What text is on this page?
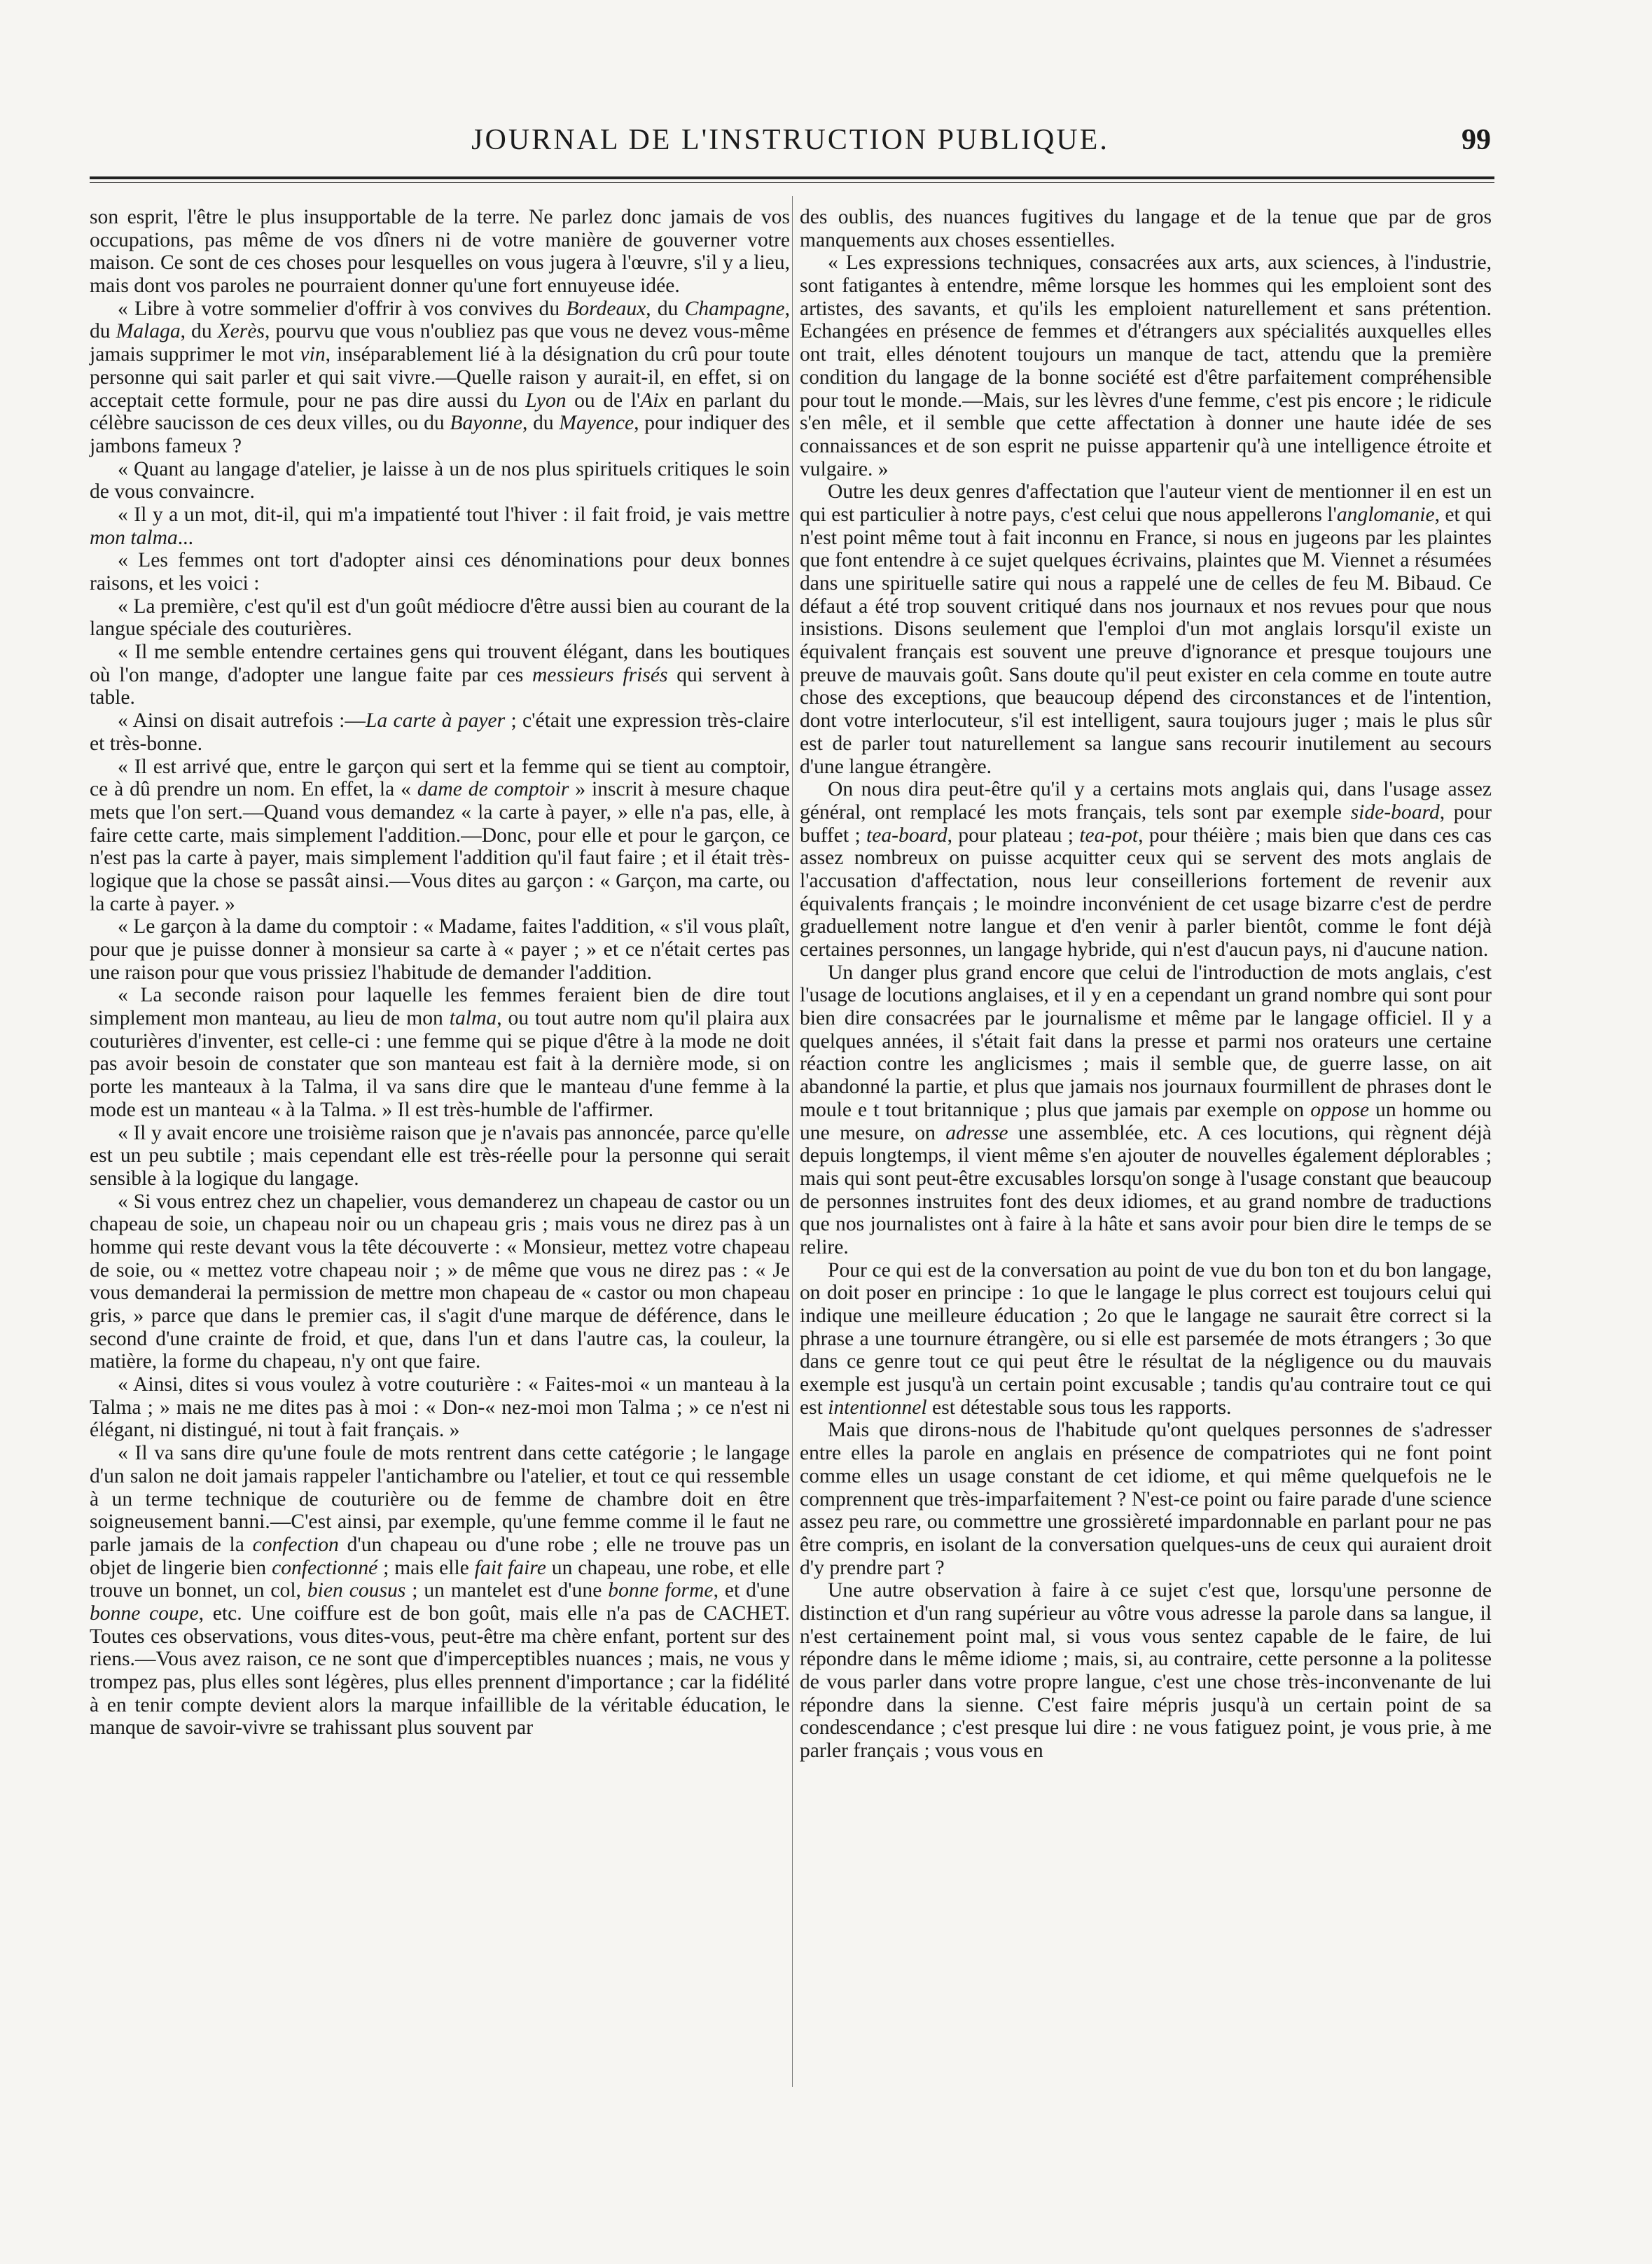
JOURNAL DE L'INSTRUCTION PUBLIQUE.	99

son esprit, l'être le plus insupportable de la terre. Ne parlez donc jamais de vos occupations, pas même de vos dîners ni de votre manière de gouverner votre maison. Ce sont de ces choses pour lesquelles on vous jugera à l'œuvre, s'il y a lieu, mais dont vos paroles ne pourraient donner qu'une fort ennuyeuse idée.

« Libre à votre sommelier d'offrir à vos convives du Bordeaux, du Champagne, du Malaga, du Xerès, pourvu que vous n'oubliez pas que vous ne devez vous-même jamais supprimer le mot vin, inséparablement lié à la désignation du crû pour toute personne qui sait parler et qui sait vivre.—Quelle raison y aurait-il, en effet, si on acceptait cette formule, pour ne pas dire aussi du Lyon ou de l'Aix en parlant du célèbre saucisson de ces deux villes, ou du Bayonne, du Mayence, pour indiquer des jambons fameux ?

« Quant au langage d'atelier, je laisse à un de nos plus spirituels critiques le soin de vous convaincre.

« Il y a un mot, dit-il, qui m'a impatienté tout l'hiver : il fait froid, je vais mettre mon talma...

« Les femmes ont tort d'adopter ainsi ces dénominations pour deux bonnes raisons, et les voici :

« La première, c'est qu'il est d'un goût médiocre d'être aussi bien au courant de la langue spéciale des couturières.

« Il me semble entendre certaines gens qui trouvent élégant, dans les boutiques où l'on mange, d'adopter une langue faite par ces messieurs frisés qui servent à table.

« Ainsi on disait autrefois :—La carte à payer ; c'était une expression très-claire et très-bonne.

« Il est arrivé que, entre le garçon qui sert et la femme qui se tient au comptoir, ce à dû prendre un nom. En effet, la « dame de comptoir » inscrit à mesure chaque mets que l'on sert.—Quand vous demandez « la carte à payer, » elle n'a pas, elle, à faire cette carte, mais simplement l'addition.—Donc, pour elle et pour le garçon, ce n'est pas la carte à payer, mais simplement l'addition qu'il faut faire ; et il était très-logique que la chose se passât ainsi.—Vous dites au garçon : « Garçon, ma carte, ou la carte à payer. »

« Le garçon à la dame du comptoir : « Madame, faites l'addition, « s'il vous plaît, pour que je puisse donner à monsieur sa carte à « payer ; » et ce n'était certes pas une raison pour que vous prissiez l'habitude de demander l'addition.

« La seconde raison pour laquelle les femmes feraient bien de dire tout simplement mon manteau, au lieu de mon talma, ou tout autre nom qu'il plaira aux couturières d'inventer, est celle-ci : une femme qui se pique d'être à la mode ne doit pas avoir besoin de constater que son manteau est fait à la dernière mode, si on porte les manteaux à la Talma, il va sans dire que le manteau d'une femme à la mode est un manteau « à la Talma. » Il est très-humble de l'affirmer.

« Il y avait encore une troisième raison que je n'avais pas annoncée, parce qu'elle est un peu subtile ; mais cependant elle est très-réelle pour la personne qui serait sensible à la logique du langage.

« Si vous entrez chez un chapelier, vous demanderez un chapeau de castor ou un chapeau de soie, un chapeau noir ou un chapeau gris ; mais vous ne direz pas à un homme qui reste devant vous la tête découverte : « Monsieur, mettez votre chapeau de soie, ou « mettez votre chapeau noir ; » de même que vous ne direz pas : « Je vous demanderai la permission de mettre mon chapeau de « castor ou mon chapeau gris, » parce que dans le premier cas, il s'agit d'une marque de déférence, dans le second d'une crainte de froid, et que, dans l'un et dans l'autre cas, la couleur, la matière, la forme du chapeau, n'y ont que faire.

« Ainsi, dites si vous voulez à votre couturière : « Faites-moi « un manteau à la Talma ; » mais ne me dites pas à moi : « Don-« nez-moi mon Talma ; » ce n'est ni élégant, ni distingué, ni tout à fait français. »

« Il va sans dire qu'une foule de mots rentrent dans cette catégorie ; le langage d'un salon ne doit jamais rappeler l'antichambre ou l'atelier, et tout ce qui ressemble à un terme technique de couturière ou de femme de chambre doit en être soigneusement banni.—C'est ainsi, par exemple, qu'une femme comme il le faut ne parle jamais de la confection d'un chapeau ou d'une robe ; elle ne trouve pas un objet de lingerie bien confectionné ; mais elle fait faire un chapeau, une robe, et elle trouve un bonnet, un col, bien cousus ; un mantelet est d'une bonne forme, et d'une bonne coupe, etc. Une coiffure est de bon goût, mais elle n'a pas de CACHET. Toutes ces observations, vous dites-vous, peut-être ma chère enfant, portent sur des riens.—Vous avez raison, ce ne sont que d'imperceptibles nuances ; mais, ne vous y trompez pas, plus elles sont légères, plus elles prennent d'importance ; car la fidélité à en tenir compte devient alors la marque infaillible de la véritable éducation, le manque de savoir-vivre se trahissant plus souvent par

des oublis, des nuances fugitives du langage et de la tenue que par de gros manquements aux choses essentielles.

« Les expressions techniques, consacrées aux arts, aux sciences, à l'industrie, sont fatigantes à entendre, même lorsque les hommes qui les emploient sont des artistes, des savants, et qu'ils les emploient naturellement et sans prétention. Echangées en présence de femmes et d'étrangers aux spécialités auxquelles elles ont trait, elles dénotent toujours un manque de tact, attendu que la première condition du langage de la bonne société est d'être parfaitement compréhensible pour tout le monde.—Mais, sur les lèvres d'une femme, c'est pis encore ; le ridicule s'en mêle, et il semble que cette affectation à donner une haute idée de ses connaissances et de son esprit ne puisse appartenir qu'à une intelligence étroite et vulgaire. »

Outre les deux genres d'affectation que l'auteur vient de mentionner il en est un qui est particulier à notre pays, c'est celui que nous appellerons l'anglomanie, et qui n'est point même tout à fait inconnu en France, si nous en jugeons par les plaintes que font entendre à ce sujet quelques écrivains, plaintes que M. Viennet a résumées dans une spirituelle satire qui nous a rappelé une de celles de feu M. Bibaud. Ce défaut a été trop souvent critiqué dans nos journaux et nos revues pour que nous insistions. Disons seulement que l'emploi d'un mot anglais lorsqu'il existe un équivalent français est souvent une preuve d'ignorance et presque toujours une preuve de mauvais goût. Sans doute qu'il peut exister en cela comme en toute autre chose des exceptions, que beaucoup dépend des circonstances et de l'intention, dont votre interlocuteur, s'il est intelligent, saura toujours juger ; mais le plus sûr est de parler tout naturellement sa langue sans recourir inutilement au secours d'une langue étrangère.

On nous dira peut-être qu'il y a certains mots anglais qui, dans l'usage assez général, ont remplacé les mots français, tels sont par exemple side-board, pour buffet ; tea-board, pour plateau ; tea-pot, pour théière ; mais bien que dans ces cas assez nombreux on puisse acquitter ceux qui se servent des mots anglais de l'accusation d'affectation, nous leur conseillerions fortement de revenir aux équivalents français ; le moindre inconvénient de cet usage bizarre c'est de perdre graduellement notre langue et d'en venir à parler bientôt, comme le font déjà certaines personnes, un langage hybride, qui n'est d'aucun pays, ni d'aucune nation.

Un danger plus grand encore que celui de l'introduction de mots anglais, c'est l'usage de locutions anglaises, et il y en a cependant un grand nombre qui sont pour bien dire consacrées par le journalisme et même par le langage officiel. Il y a quelques années, il s'était fait dans la presse et parmi nos orateurs une certaine réaction contre les anglicismes ; mais il semble que, de guerre lasse, on ait abandonné la partie, et plus que jamais nos journaux fourmillent de phrases dont le moule e t tout britannique ; plus que jamais par exemple on oppose un homme ou une mesure, on adresse une assemblée, etc. A ces locutions, qui règnent déjà depuis longtemps, il vient même s'en ajouter de nouvelles également déplorables ; mais qui sont peut-être excusables lorsqu'on songe à l'usage constant que beaucoup de personnes instruites font des deux idiomes, et au grand nombre de traductions que nos journalistes ont à faire à la hâte et sans avoir pour bien dire le temps de se relire.

Pour ce qui est de la conversation au point de vue du bon ton et du bon langage, on doit poser en principe : 1o que le langage le plus correct est toujours celui qui indique une meilleure éducation ; 2o que le langage ne saurait être correct si la phrase a une tournure étrangère, ou si elle est parsemée de mots étrangers ; 3o que dans ce genre tout ce qui peut être le résultat de la négligence ou du mauvais exemple est jusqu'à un certain point excusable ; tandis qu'au contraire tout ce qui est intentionnel est détestable sous tous les rapports.

Mais que dirons-nous de l'habitude qu'ont quelques personnes de s'adresser entre elles la parole en anglais en présence de compatriotes qui ne font point comme elles un usage constant de cet idiome, et qui même quelquefois ne le comprennent que très-imparfaitement ? N'est-ce point ou faire parade d'une science assez peu rare, ou commettre une grossièreté impardonnable en parlant pour ne pas être compris, en isolant de la conversation quelques-uns de ceux qui auraient droit d'y prendre part ?

Une autre observation à faire à ce sujet c'est que, lorsqu'une personne de distinction et d'un rang supérieur au vôtre vous adresse la parole dans sa langue, il n'est certainement point mal, si vous vous sentez capable de le faire, de lui répondre dans le même idiome ; mais, si, au contraire, cette personne a la politesse de vous parler dans votre propre langue, c'est une chose très-inconvenante de lui répondre dans la sienne. C'est faire mépris jusqu'à un certain point de sa condescendance ; c'est presque lui dire : ne vous fatiguez point, je vous prie, à me parler français ; vous vous en
